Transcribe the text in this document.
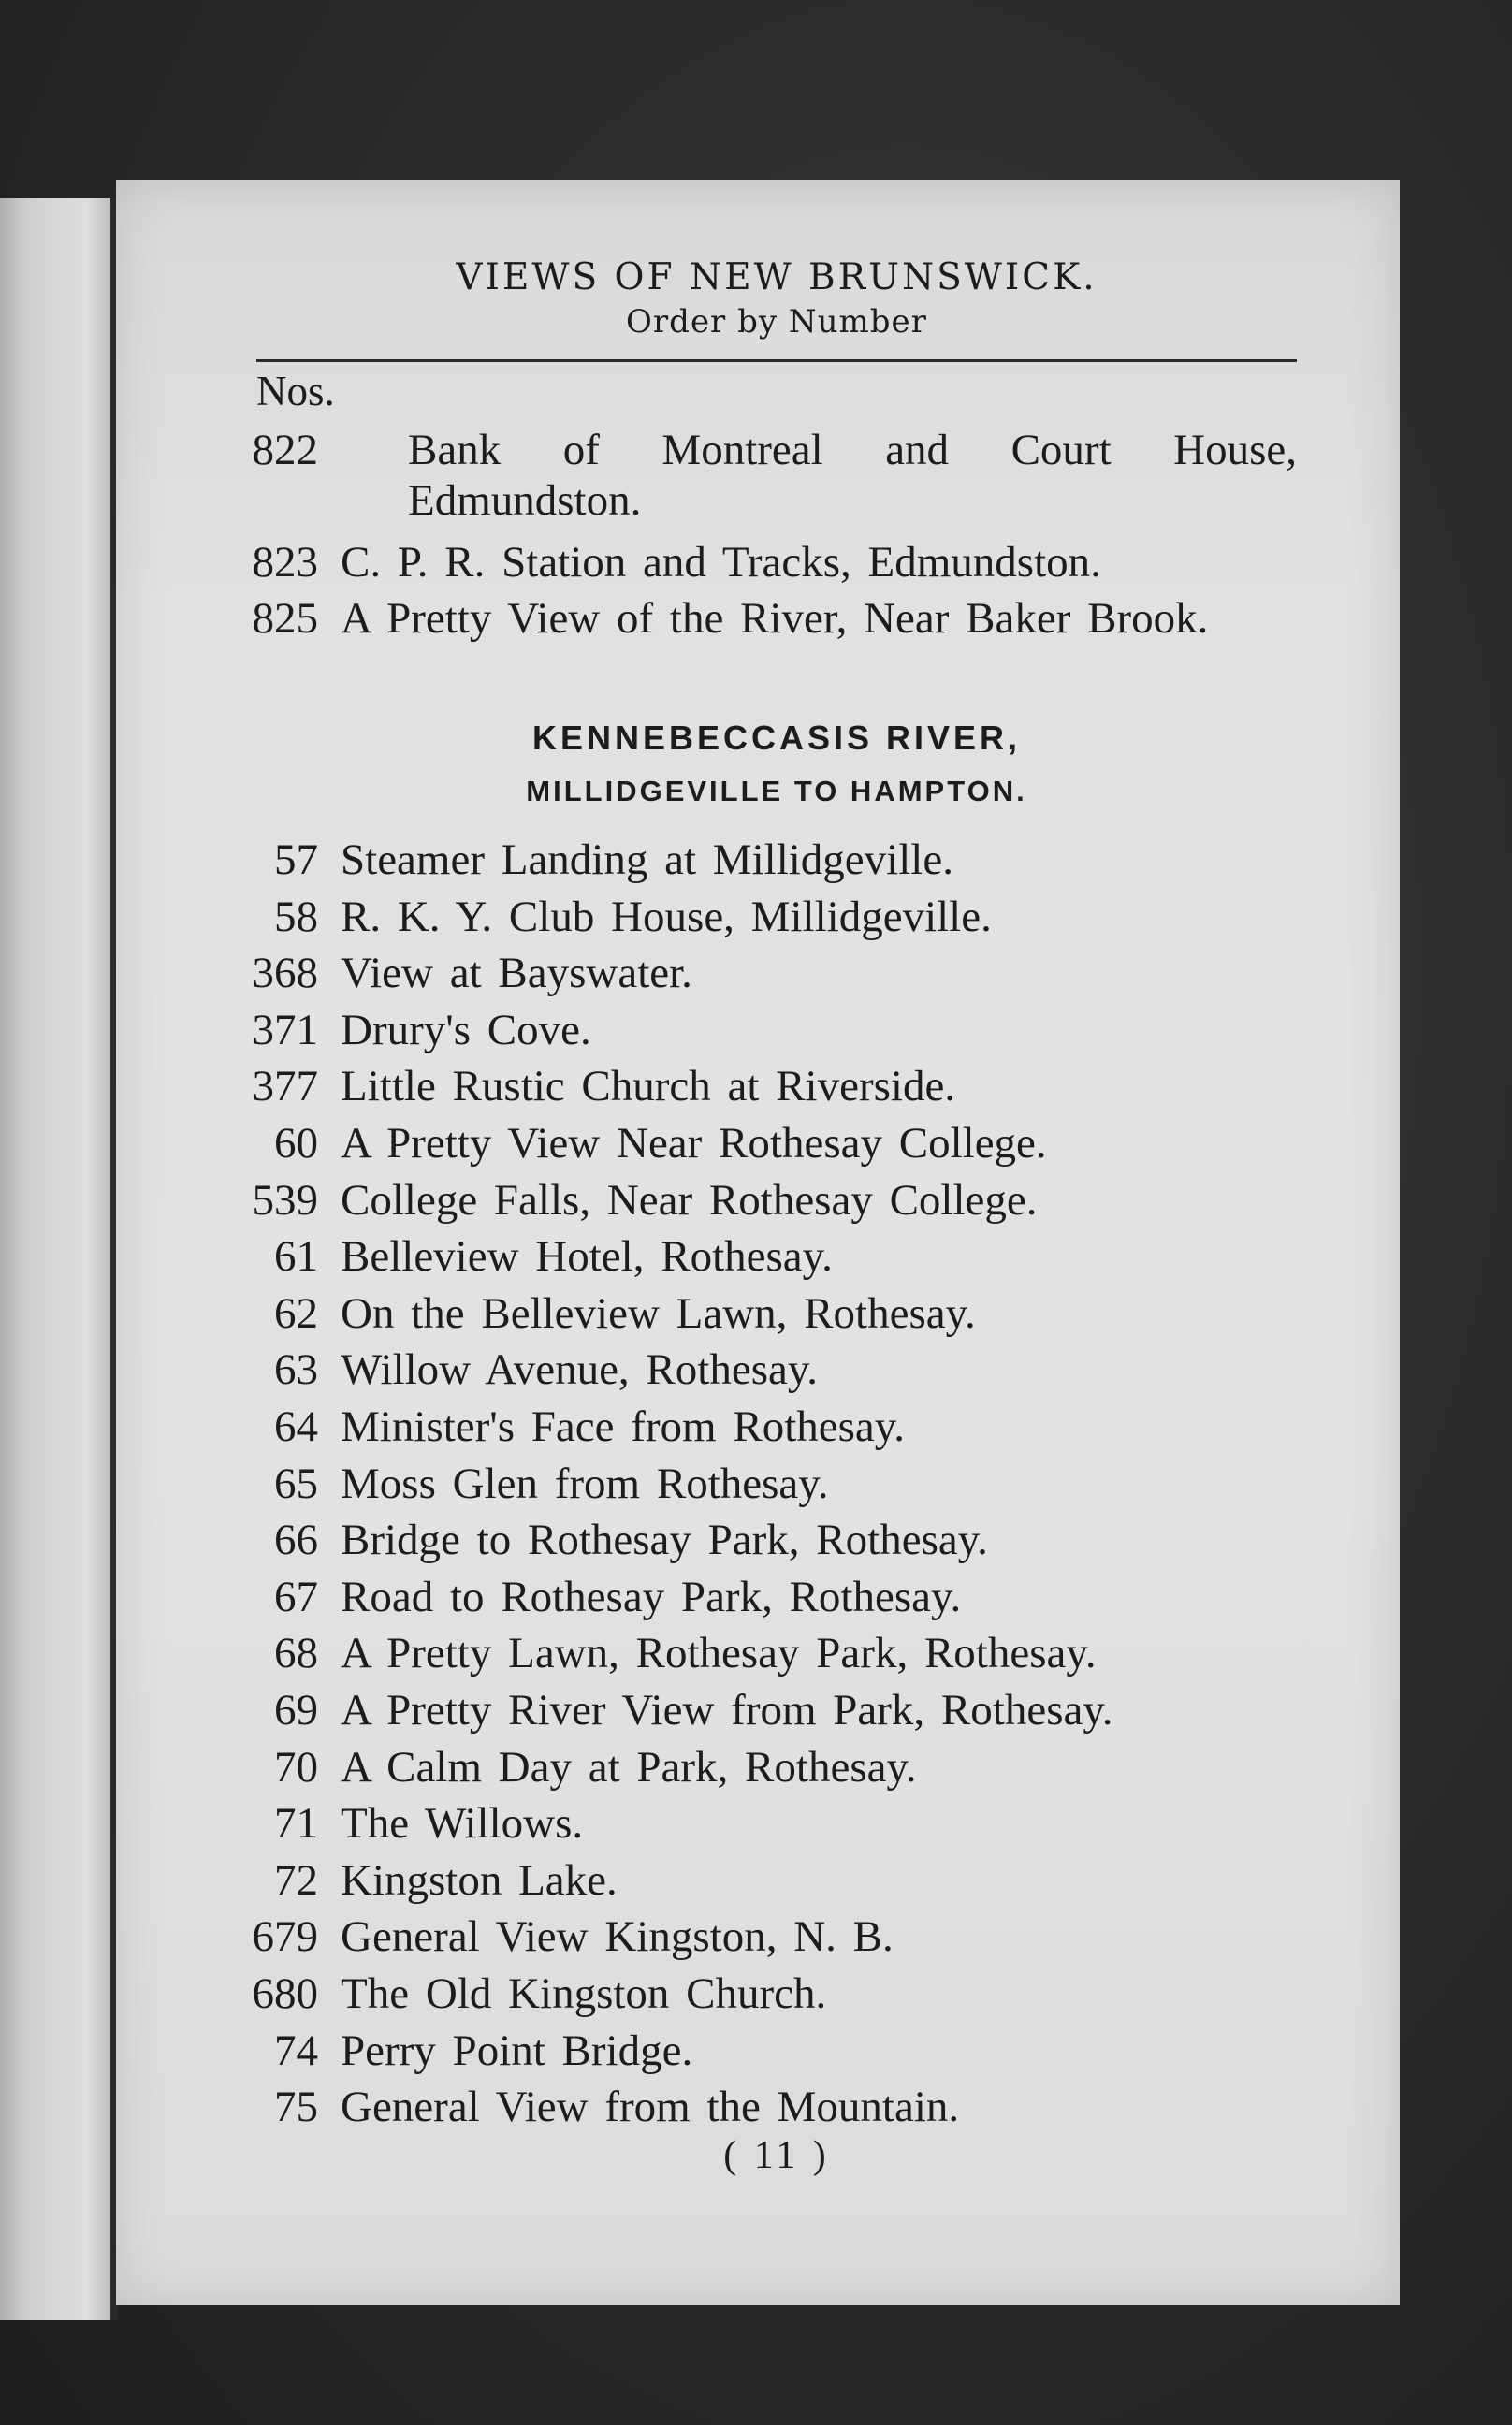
VIEWS OF NEW BRUNSWICK.
Order by Number
Nos.
822	Bank of Montreal and Court House, Edmundston.
823 C. P. R. Station and Tracks, Edmundston.
825 A Pretty View of the River, Near Baker Brook.
KENNEBECCASIS RIVER,
MILLIDGEVILLE TO HAMPTON.
57 Steamer Landing at Millidgeville.
58 R. K. Y. Club House, Millidgeville.
368 View at Bayswater.
371 Drury's Cove.
377 Little Rustic Church at Riverside.
60 A Pretty View Near Rothesay College.
539 College Falls, Near Rothesay College.
61 Belleview Hotel, Rothesay.
62 On the Belleview Lawn, Rothesay.
63 Willow Avenue, Rothesay.
64 Minister's Face from Rothesay.
65 Moss Glen from Rothesay.
66 Bridge to Rothesay Park, Rothesay.
67 Road to Rothesay Park, Rothesay.
68 A Pretty Lawn, Rothesay Park, Rothesay.
69 A Pretty River View from Park, Rothesay.
70 A Calm Day at Park, Rothesay.
71 The Willows.
72 Kingston Lake.
679 General View Kingston, N. B.
680 The Old Kingston Church.
74 Perry Point Bridge.
75 General View from the Mountain.
( 11 )
